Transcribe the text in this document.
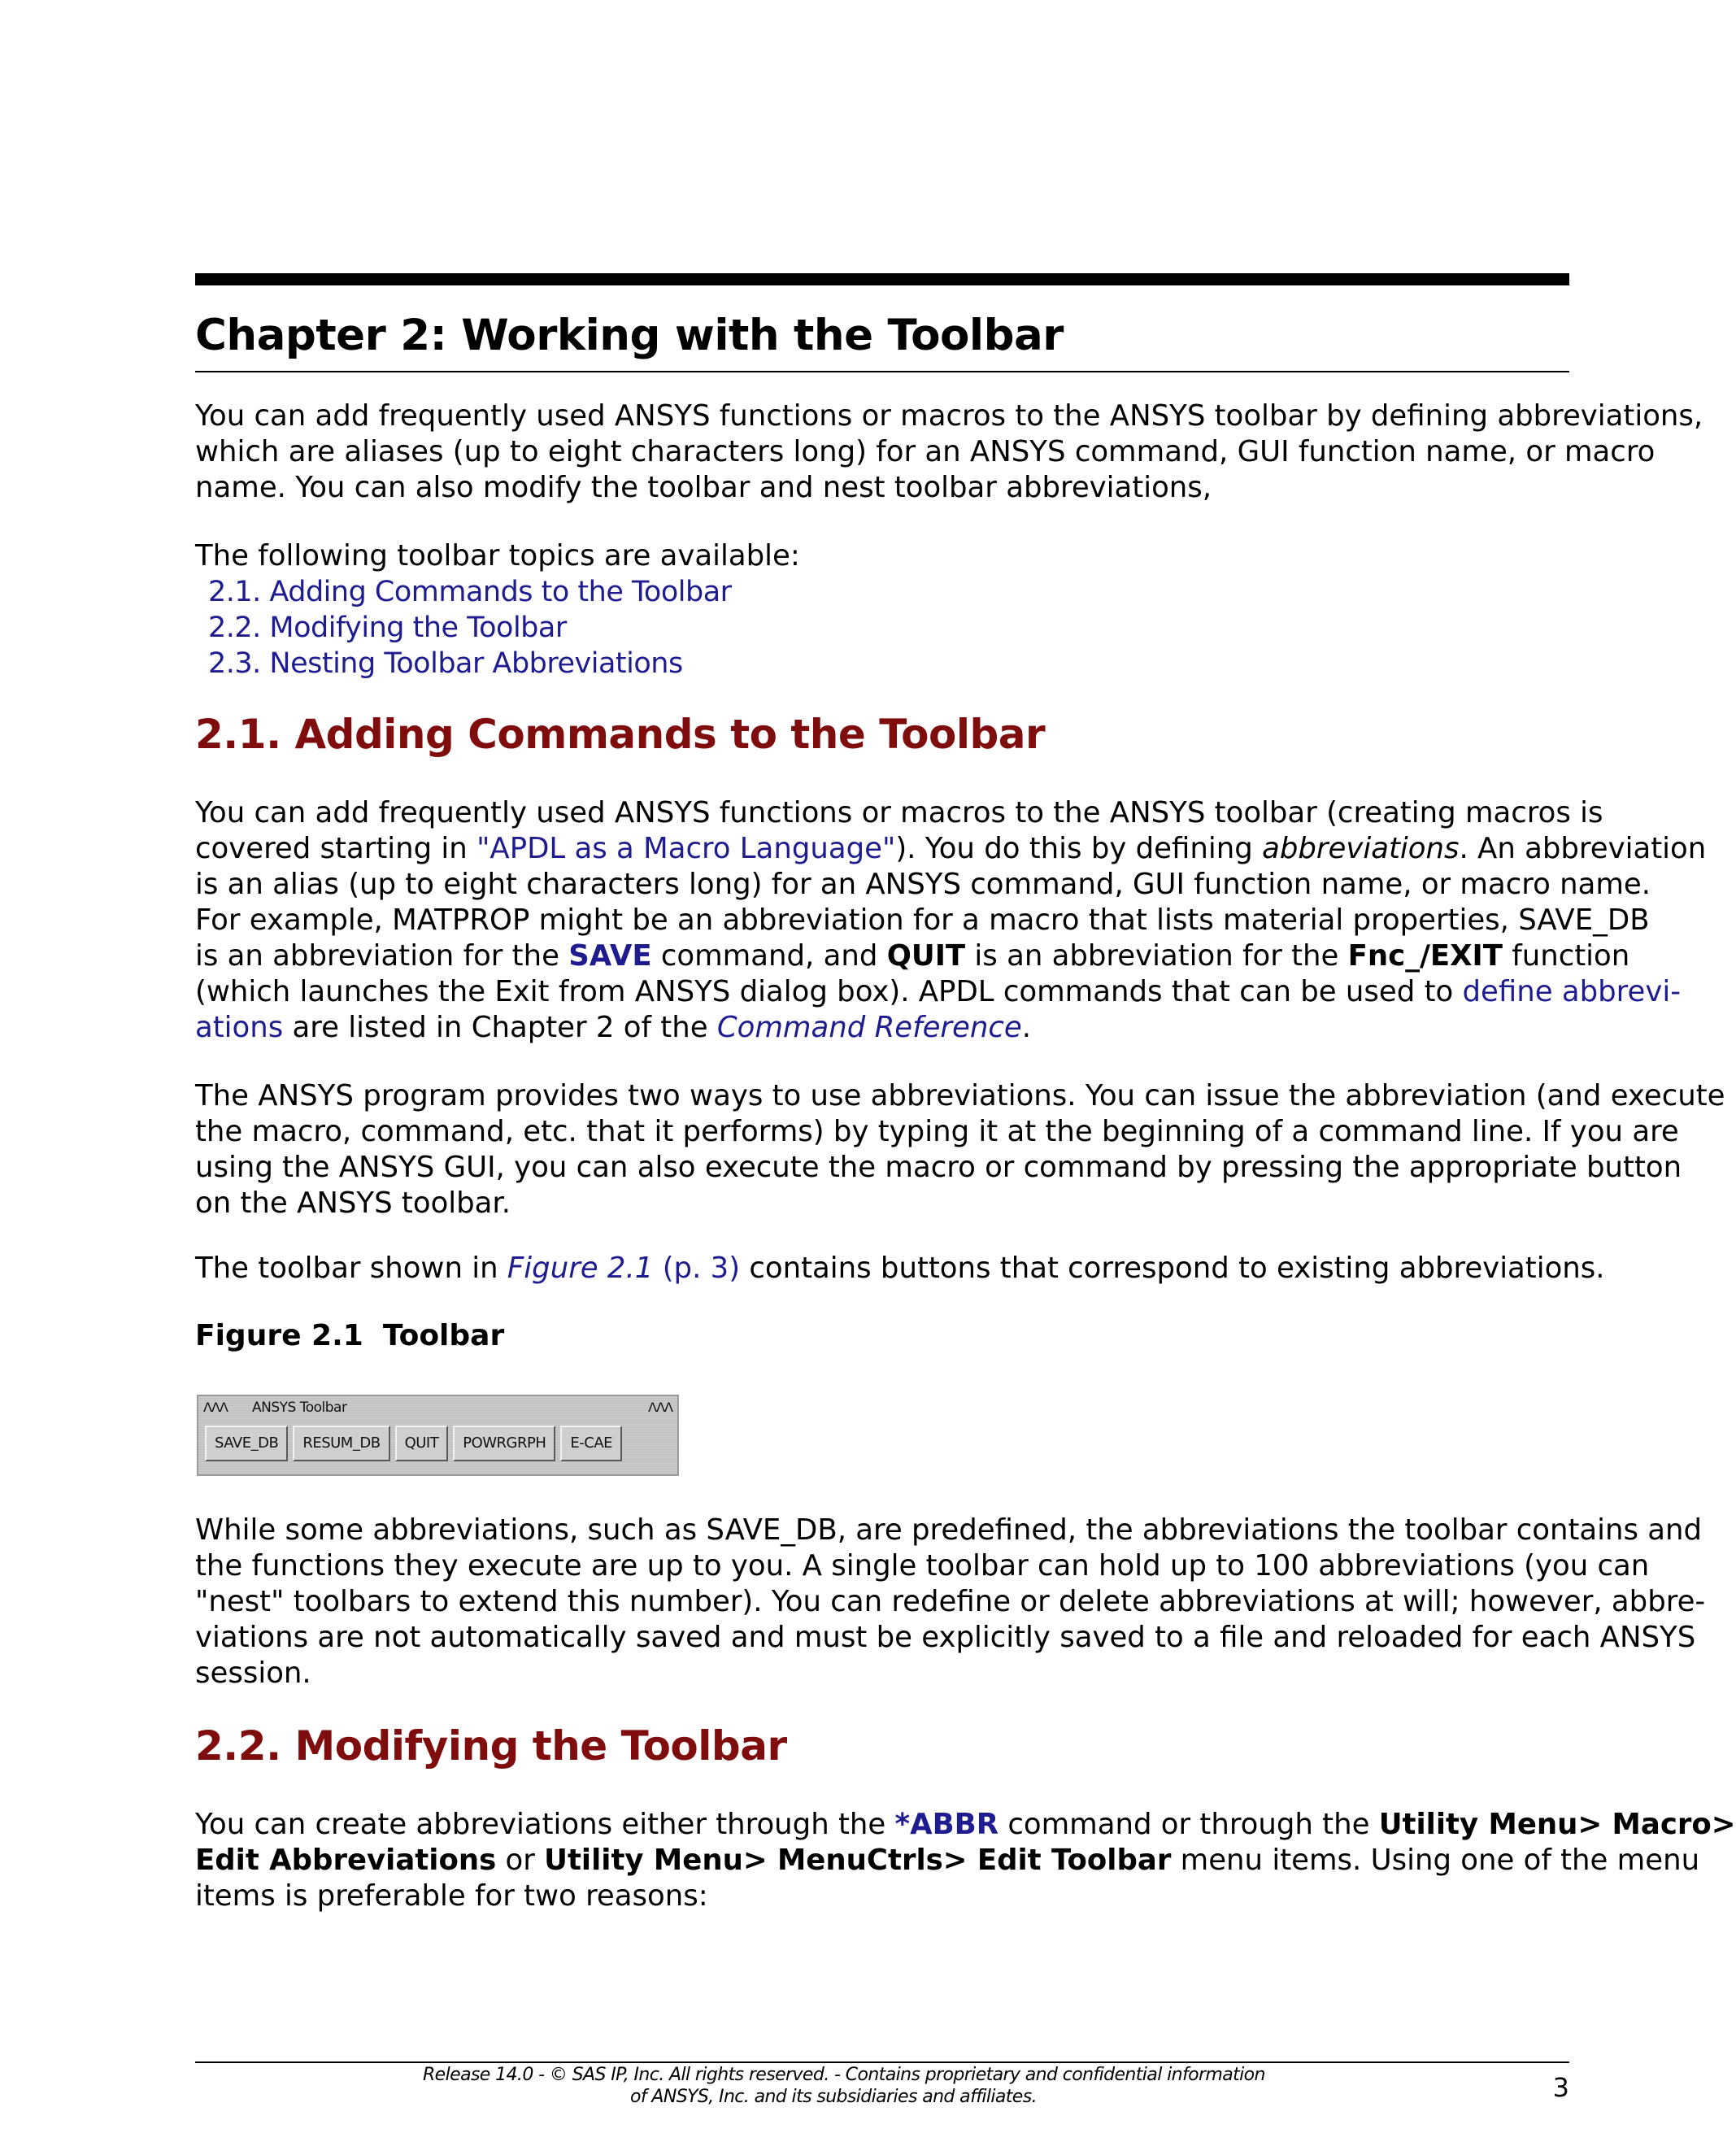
Chapter 2: Working with the Toolbar
You can add frequently used ANSYS functions or macros to the ANSYS toolbar by defining abbreviations,
which are aliases (up to eight characters long) for an ANSYS command, GUI function name, or macro
name. You can also modify the toolbar and nest toolbar abbreviations,
The following toolbar topics are available:
2.1. Adding Commands to the Toolbar
2.2. Modifying the Toolbar
2.3. Nesting Toolbar Abbreviations
2.1. Adding Commands to the Toolbar
You can add frequently used ANSYS functions or macros to the ANSYS toolbar (creating macros is
covered starting in "APDL as a Macro Language"). You do this by defining abbreviations. An abbreviation
is an alias (up to eight characters long) for an ANSYS command, GUI function name, or macro name.
For example, MATPROP might be an abbreviation for a macro that lists material properties, SAVE_DB
is an abbreviation for the SAVE command, and QUIT is an abbreviation for the Fnc_/EXIT function
(which launches the Exit from ANSYS dialog box). APDL commands that can be used to define abbrevi-
ations are listed in Chapter 2 of the Command Reference.
The ANSYS program provides two ways to use abbreviations. You can issue the abbreviation (and execute
the macro, command, etc. that it performs) by typing it at the beginning of a command line. If you are
using the ANSYS GUI, you can also execute the macro or command by pressing the appropriate button
on the ANSYS toolbar.
The toolbar shown in Figure 2.1 (p. 3) contains buttons that correspond to existing abbreviations.

Figure 2.1 Toolbar

ΛΛΛ ANSYS Toolbar	ΛΛΛ
SAVE_DB	RESUM_DB	QUIT	POWRGRPH	E-CAE
While some abbreviations, such as SAVE_DB, are predefined, the abbreviations the toolbar contains and
the functions they execute are up to you. A single toolbar can hold up to 100 abbreviations (you can
"nest" toolbars to extend this number). You can redefine or delete abbreviations at will; however, abbre-
viations are not automatically saved and must be explicitly saved to a file and reloaded for each ANSYS
session.
2.2. Modifying the Toolbar
You can create abbreviations either through the *ABBR command or through the Utility Menu> Macro>
Edit Abbreviations or Utility Menu> MenuCtrls> Edit Toolbar menu items. Using one of the menu
items is preferable for two reasons:
Release 14.0 - © SAS IP, Inc. All rights reserved. - Contains proprietary and confidential information
of ANSYS, Inc. and its subsidiaries and affiliates.	3
